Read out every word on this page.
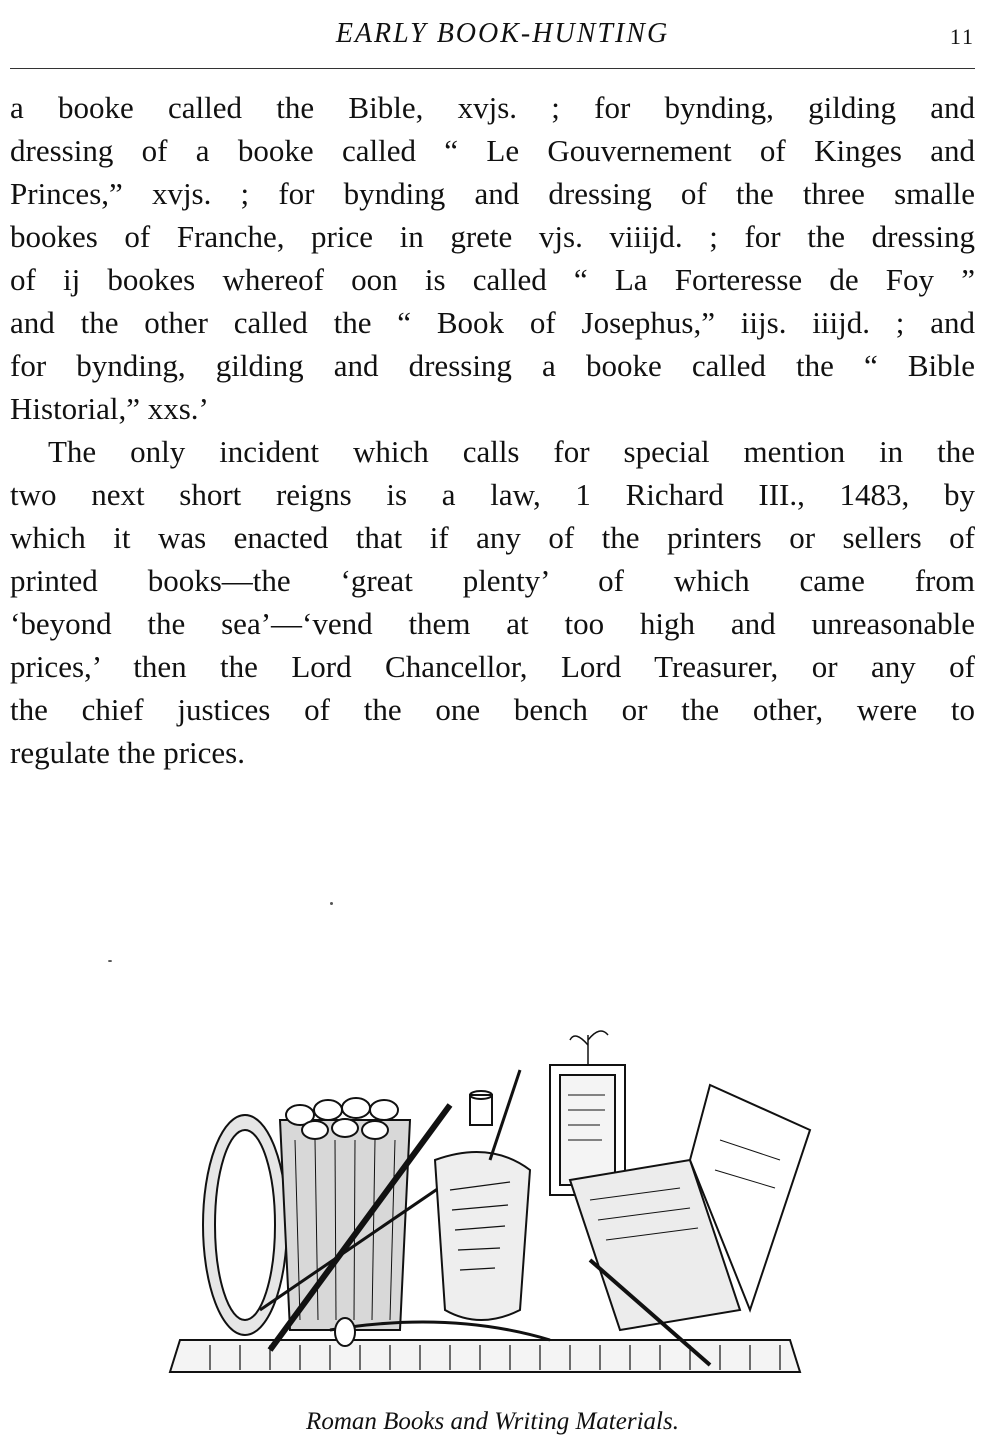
EARLY BOOK-HUNTING	11
a booke called the Bible, xvjs. ; for bynding, gilding and
dressing of a booke called “ Le Gouvernement of Kinges and
Princes,” xvjs. ; for bynding and dressing of the three smalle
bookes of Franche, price in grete vjs. viiijd. ; for the dressing
of ij bookes whereof oon is called “ La Forteresse de Foy ”
and the other called the “ Book of Josephus,” iijs. iiijd. ; and
for bynding, gilding and dressing a booke called the “ Bible
Historial,” xxs.’
The only incident which calls for special mention in the
two next short reigns is a law, 1 Richard III., 1483, by
which it was enacted that if any of the printers or sellers of
printed books—the ‘great plenty’ of which came from
‘beyond the sea’—‘vend them at too high and unreasonable
prices,’ then the Lord Chancellor, Lord Treasurer, or any of
the chief justices of the one bench or the other, were to
regulate the prices.
Roman Books and Writing Materials.
